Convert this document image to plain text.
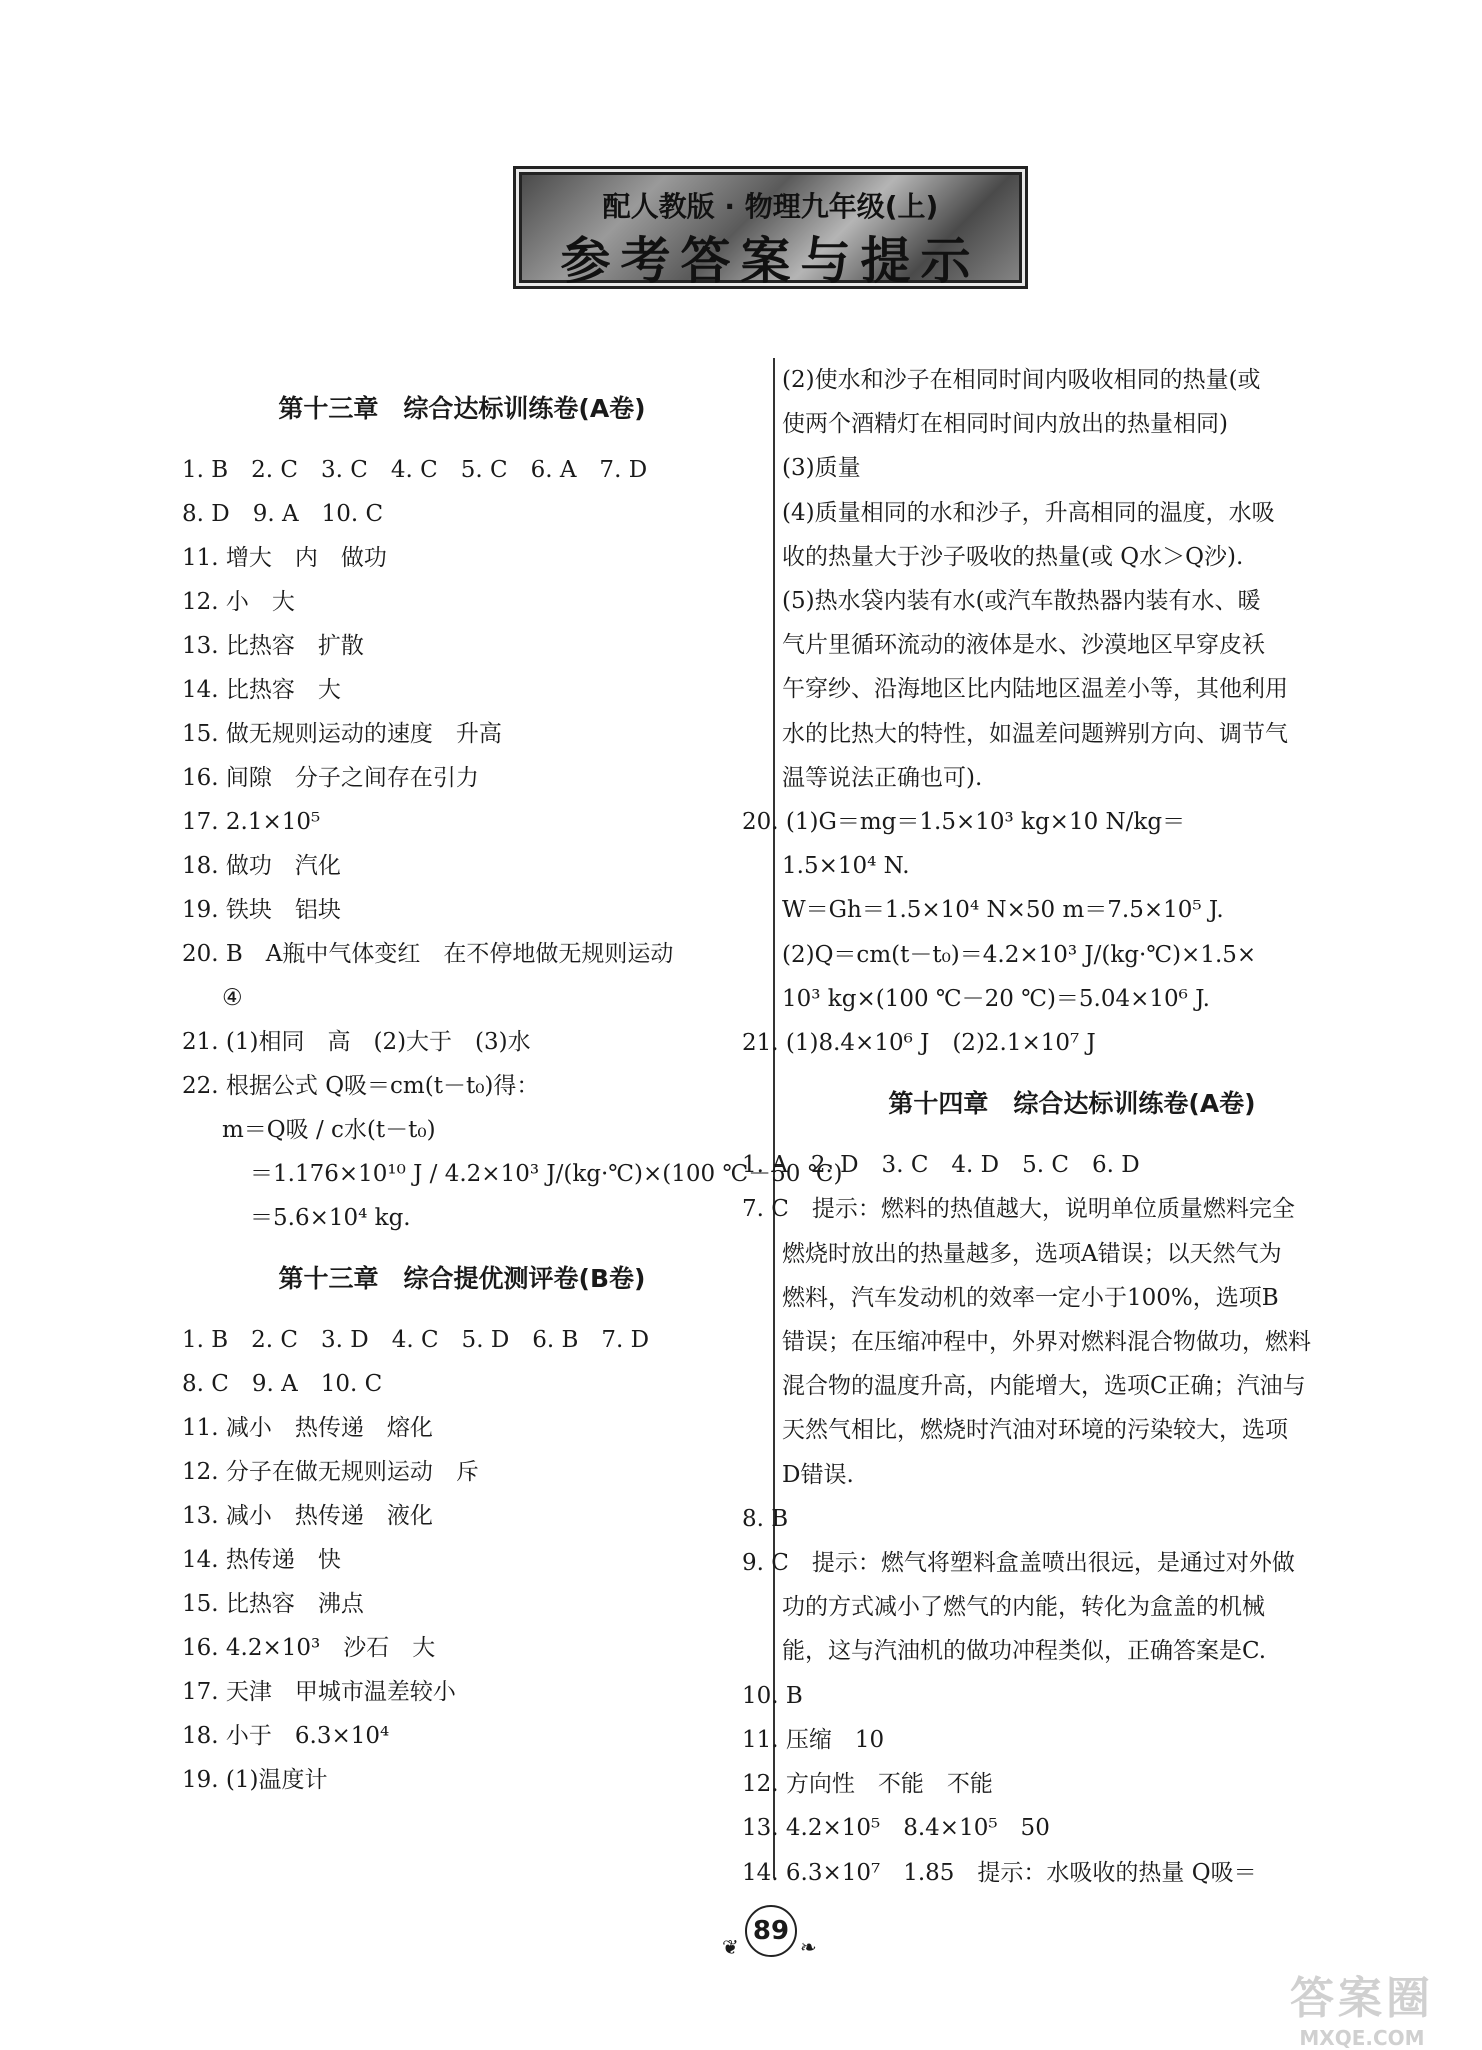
配人教版 · 物理九年级(上)
参考答案与提示
第十三章　综合达标训练卷(A卷)
1. B　2. C　3. C　4. C　5. C　6. A　7. D
8. D　9. A　10. C
11. 增大　内　做功
12. 小　大
13. 比热容　扩散
14. 比热容　大
15. 做无规则运动的速度　升高
16. 间隙　分子之间存在引力
17. 2.1×10⁵
18. 做功　汽化
19. 铁块　铝块
20. B　A瓶中气体变红　在不停地做无规则运动
④
21. (1)相同　高　(2)大于　(3)水
22. 根据公式 Q吸＝cm(t－t₀)得：
m＝Q吸 / c水(t－t₀)
＝1.176×10¹⁰ J / 4.2×10³ J/(kg·℃)×(100 ℃－50 ℃)
＝5.6×10⁴ kg.
第十三章　综合提优测评卷(B卷)
1. B　2. C　3. D　4. C　5. D　6. B　7. D
8. C　9. A　10. C
11. 减小　热传递　熔化
12. 分子在做无规则运动　斥
13. 减小　热传递　液化
14. 热传递　快
15. 比热容　沸点
16. 4.2×10³　沙石　大
17. 天津　甲城市温差较小
18. 小于　6.3×10⁴
19. (1)温度计
(2)使水和沙子在相同时间内吸收相同的热量(或
使两个酒精灯在相同时间内放出的热量相同)
(3)质量
(4)质量相同的水和沙子，升高相同的温度，水吸
收的热量大于沙子吸收的热量(或 Q水＞Q沙).
(5)热水袋内装有水(或汽车散热器内装有水、暖
气片里循环流动的液体是水、沙漠地区早穿皮袄
午穿纱、沿海地区比内陆地区温差小等，其他利用
水的比热大的特性，如温差问题辨别方向、调节气
温等说法正确也可).
20. (1)G＝mg＝1.5×10³ kg×10 N/kg＝
1.5×10⁴ N.
W＝Gh＝1.5×10⁴ N×50 m＝7.5×10⁵ J.
(2)Q＝cm(t－t₀)＝4.2×10³ J/(kg·℃)×1.5×
10³ kg×(100 ℃－20 ℃)＝5.04×10⁶ J.
21. (1)8.4×10⁶ J　(2)2.1×10⁷ J
第十四章　综合达标训练卷(A卷)
1. A　2. D　3. C　4. D　5. C　6. D
7. C　提示：燃料的热值越大，说明单位质量燃料完全
燃烧时放出的热量越多，选项A错误；以天然气为
燃料，汽车发动机的效率一定小于100%，选项B
错误；在压缩冲程中，外界对燃料混合物做功，燃料
混合物的温度升高，内能增大，选项C正确；汽油与
天然气相比，燃烧时汽油对环境的污染较大，选项
D错误.
8. B
9. C　提示：燃气将塑料盒盖喷出很远，是通过对外做
功的方式减小了燃气的内能，转化为盒盖的机械
能，这与汽油机的做功冲程类似，正确答案是C.
10. B
11. 压缩　10
12. 方向性　不能　不能
13. 4.2×10⁵　8.4×10⁵　50
14. 6.3×10⁷　1.85　提示：水吸收的热量 Q吸＝
❦
89
❧
答案圈
MXQE.COM
